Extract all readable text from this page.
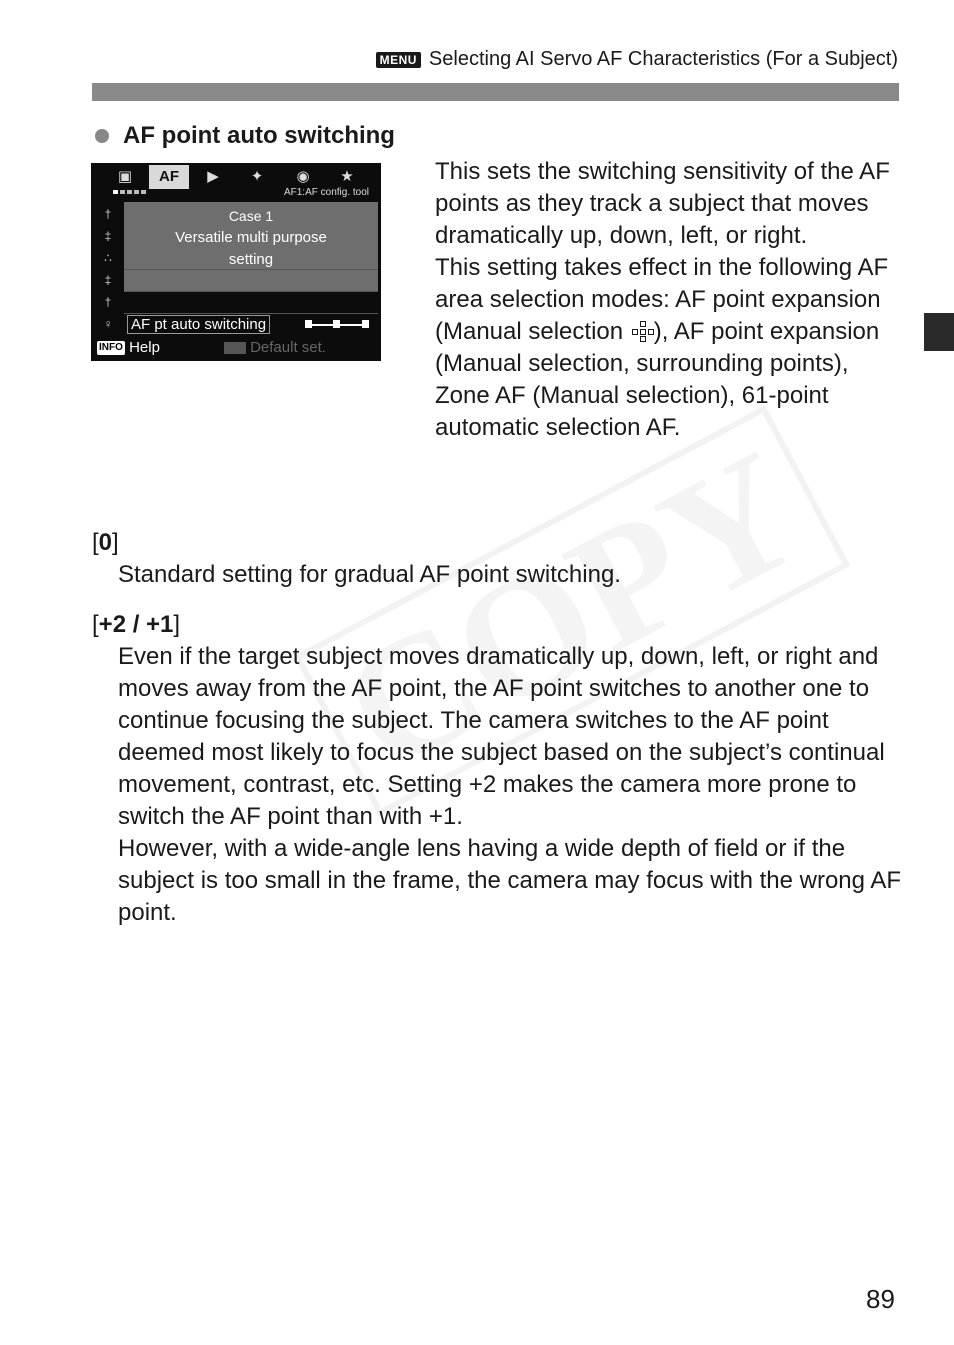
MENU Selecting AI Servo AF Characteristics (For a Subject)
AF point auto switching
▣	AF	▶	✦	◉	★
AF1:AF config. tool
†
‡
∴
‡
†
♀
Case 1
Versatile multi purpose
setting
AF pt auto switching
INFO Help	Default set.

This sets the switching sensitivity of the AF points as they track a subject that moves dramatically up, down, left, or right.

This setting takes effect in the following AF area selection modes: AF point expansion (Manual selection
), AF point expansion (Manual selection, surrounding points), Zone AF (Manual selection), 61-point automatic selection AF.

[0]

Standard setting for gradual AF point switching.

[+2 / +1]

Even if the target subject moves dramatically up, down, left, or right and moves away from the AF point, the AF point switches to another one to continue focusing the subject. The camera switches to the AF point deemed most likely to focus the subject based on the subject’s continual movement, contrast, etc. Setting +2 makes the camera more prone to switch the AF point than with +1.

However, with a wide-angle lens having a wide depth of field or if the subject is too small in the frame, the camera may focus with the wrong AF point.

89
